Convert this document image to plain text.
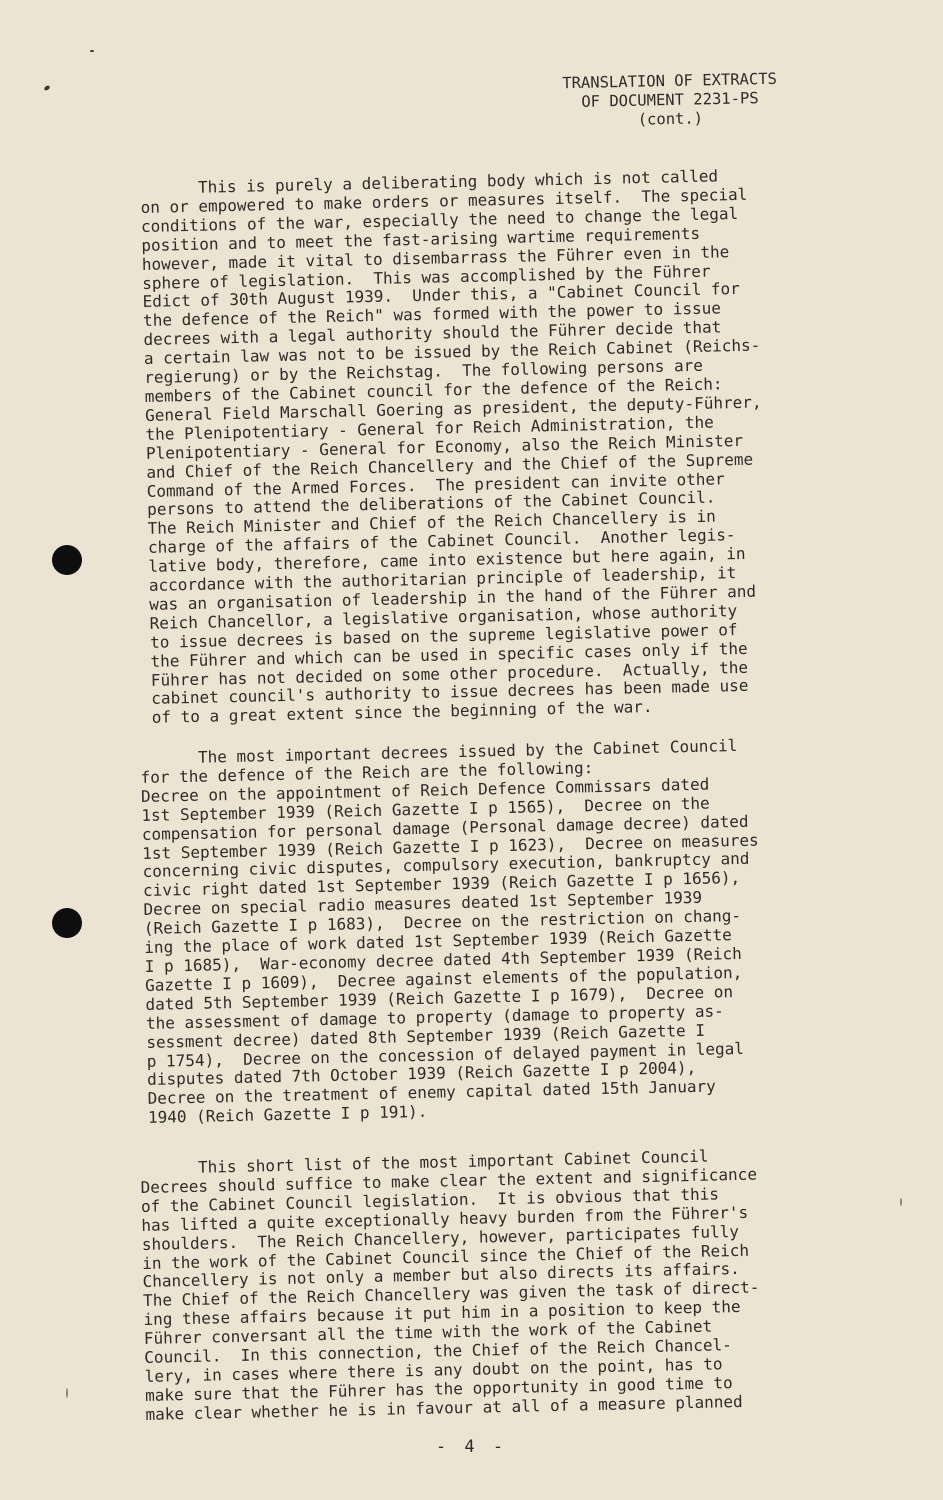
TRANSLATION OF EXTRACTS
OF DOCUMENT 2231-PS
(cont.)
This is purely a deliberating body which is not called
on or empowered to make orders or measures itself.  The special
conditions of the war, especially the need to change the legal
position and to meet the fast-arising wartime requirements
however, made it vital to disembarrass the Führer even in the
sphere of legislation.  This was accomplished by the Führer
Edict of 30th August 1939.  Under this, a "Cabinet Council for
the defence of the Reich" was formed with the power to issue
decrees with a legal authority should the Führer decide that
a certain law was not to be issued by the Reich Cabinet (Reichs-
regierung) or by the Reichstag.  The following persons are
members of the Cabinet council for the defence of the Reich:
General Field Marschall Goering as president, the deputy-Führer,
the Plenipotentiary - General for Reich Administration, the
Plenipotentiary - General for Economy, also the Reich Minister
and Chief of the Reich Chancellery and the Chief of the Supreme
Command of the Armed Forces.  The president can invite other
persons to attend the deliberations of the Cabinet Council.
The Reich Minister and Chief of the Reich Chancellery is in
charge of the affairs of the Cabinet Council.  Another legis-
lative body, therefore, came into existence but here again, in
accordance with the authoritarian principle of leadership, it
was an organisation of leadership in the hand of the Führer and
Reich Chancellor, a legislative organisation, whose authority
to issue decrees is based on the supreme legislative power of
the Führer and which can be used in specific cases only if the
Führer has not decided on some other procedure.  Actually, the
cabinet council's authority to issue decrees has been made use
of to a great extent since the beginning of the war.
The most important decrees issued by the Cabinet Council
for the defence of the Reich are the following:
Decree on the appointment of Reich Defence Commissars dated
1st September 1939 (Reich Gazette I p 1565),  Decree on the
compensation for personal damage (Personal damage decree) dated
1st September 1939 (Reich Gazette I p 1623),  Decree on measures
concerning civic disputes, compulsory execution, bankruptcy and
civic right dated 1st September 1939 (Reich Gazette I p 1656),
Decree on special radio measures deated 1st September 1939
(Reich Gazette I p 1683),  Decree on the restriction on chang-
ing the place of work dated 1st September 1939 (Reich Gazette
I p 1685),  War-economy decree dated 4th September 1939 (Reich
Gazette I p 1609),  Decree against elements of the population,
dated 5th September 1939 (Reich Gazette I p 1679),  Decree on
the assessment of damage to property (damage to property as-
sessment decree) dated 8th September 1939 (Reich Gazette I
p 1754),  Decree on the concession of delayed payment in legal
disputes dated 7th October 1939 (Reich Gazette I p 2004),
Decree on the treatment of enemy capital dated 15th January
1940 (Reich Gazette I p 191).
This short list of the most important Cabinet Council
Decrees should suffice to make clear the extent and significance
of the Cabinet Council legislation.  It is obvious that this
has lifted a quite exceptionally heavy burden from the Führer's
shoulders.  The Reich Chancellery, however, participates fully
in the work of the Cabinet Council since the Chief of the Reich
Chancellery is not only a member but also directs its affairs.
The Chief of the Reich Chancellery was given the task of direct-
ing these affairs because it put him in a position to keep the
Führer conversant all the time with the work of the Cabinet
Council.  In this connection, the Chief of the Reich Chancel-
lery, in cases where there is any doubt on the point, has to
make sure that the Führer has the opportunity in good time to
make clear whether he is in favour at all of a measure planned
- 4 -
